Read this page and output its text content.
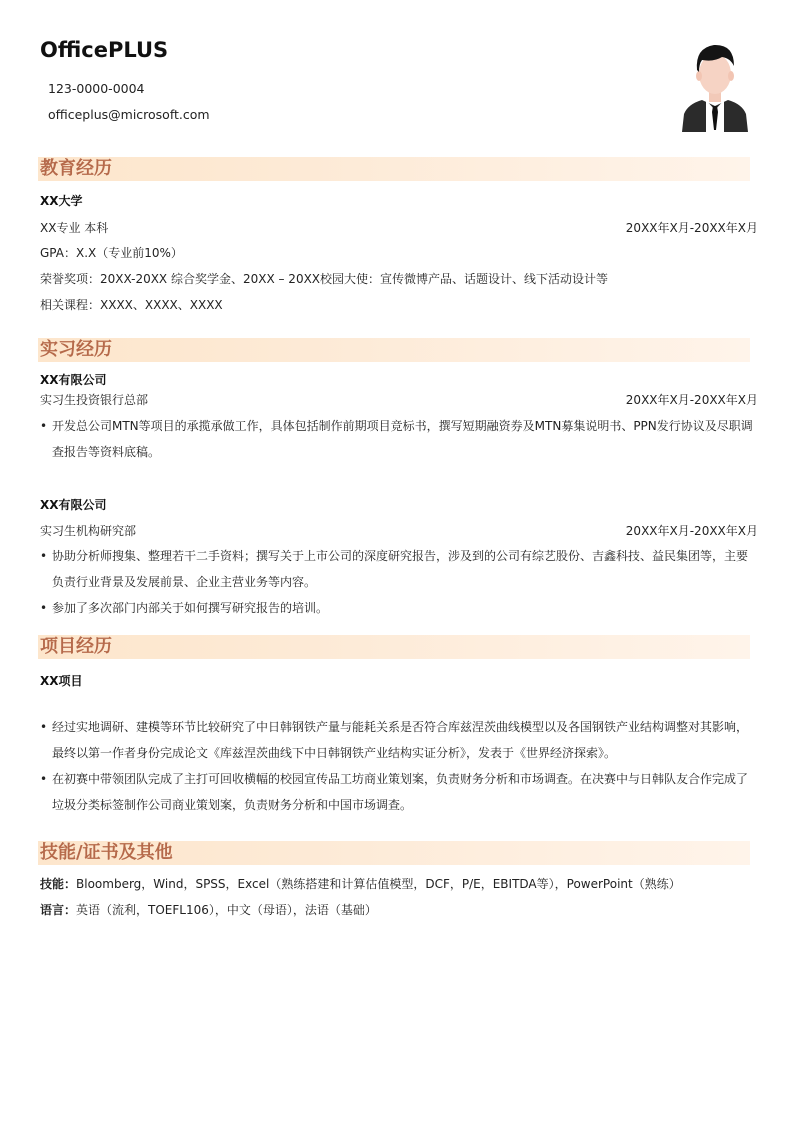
OfficePLUS
123-0000-0004
officeplus@microsoft.com
教育经历
XX大学
XX专业 本科	20XX年X月-20XX年X月
GPA：X.X（专业前10%）
荣誉奖项：20XX-20XX 综合奖学金、20XX – 20XX校园大使：宣传微博产品、话题设计、线下活动设计等
相关课程：XXXX、XXXX、XXXX
实习经历
XX有限公司
实习生投资银行总部	20XX年X月-20XX年X月
• 开发总公司MTN等项目的承揽承做工作，具体包括制作前期项目竞标书，撰写短期融资券及MTN募集说明书、PPN发行协议及尽职调查报告等资料底稿。
XX有限公司
实习生机构研究部	20XX年X月-20XX年X月
• 协助分析师搜集、整理若干二手资料；撰写关于上市公司的深度研究报告，涉及到的公司有综艺股份、吉鑫科技、益民集团等，主要负责行业背景及发展前景、企业主营业务等内容。
• 参加了多次部门内部关于如何撰写研究报告的培训。
项目经历
XX项目
• 经过实地调研、建模等环节比较研究了中日韩钢铁产量与能耗关系是否符合库兹涅茨曲线模型以及各国钢铁产业结构调整对其影响，最终以第一作者身份完成论文《库兹涅茨曲线下中日韩钢铁产业结构实证分析》，发表于《世界经济探索》。
• 在初赛中带领团队完成了主打可回收横幅的校园宣传品工坊商业策划案，负责财务分析和市场调查。在决赛中与日韩队友合作完成了垃圾分类标签制作公司商业策划案，负责财务分析和中国市场调查。
技能/证书及其他
技能：Bloomberg，Wind，SPSS，Excel（熟练搭建和计算估值模型，DCF，P/E，EBITDA等），PowerPoint（熟练）
语言：英语（流利，TOEFL106），中文（母语），法语（基础）
